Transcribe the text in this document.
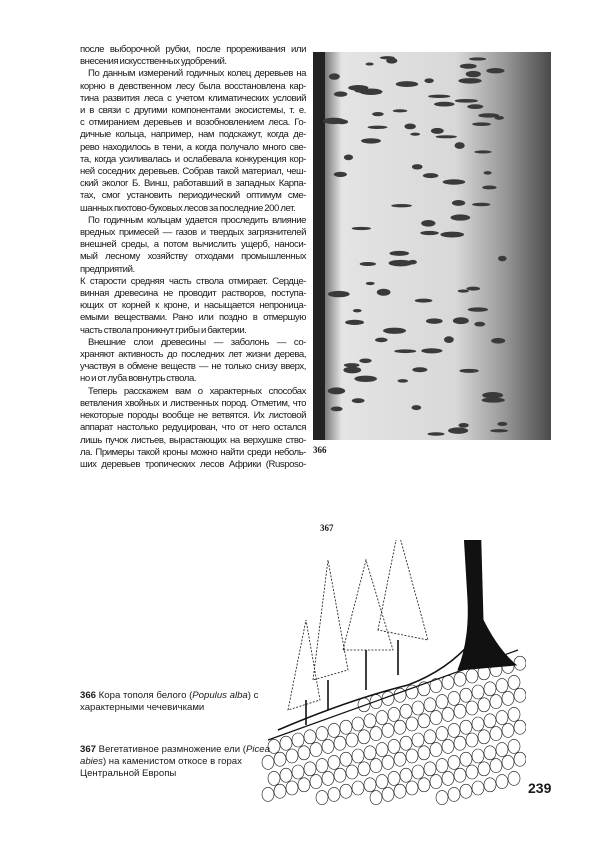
после выборочной рубки, после прореживания или
внесения искусственных удобрений.
По данным измерений годичных колец деревьев на
корню в девственном лесу была восстановлена кар-
тина развития леса с учетом климатических условий
и в связи с другими компонентами экосистемы, т. е.
с отмиранием деревьев и возобновлением леса. Го-
дичные кольца, например, нам подскажут, когда де-
рево находилось в тени, а когда получало много све-
та, когда усиливалась и ослабевала конкуренция кор-
ней соседних деревьев. Собрав такой материал, чеш-
ский эколог Б. Винш, работавший в западных Карпа-
тах, смог установить периодический оптимум сме-
шанных пихтово-буковых лесов за последние 200 лет.
По годичным кольцам удается проследить влияние
вредных примесей — газов и твердых загрязнителей
внешней среды, а потом вычислить ущерб, наноси-
мый лесному хозяйству отходами промышленных
предприятий.
К старости средняя часть ствола отмирает. Сердце-
винная древесина не проводит растворов, поступа-
ющих от корней к кроне, и насыщается непроница-
емыми веществами. Рано или поздно в отмершую
часть ствола проникнут грибы и бактерии.
Внешние слои древесины — заболонь — со-
храняют активность до последних лет жизни дерева,
участвуя в обмене веществ — не только снизу вверх,
но и от луба вовнутрь ствола.
Теперь расскажем вам о характерных способах
ветвления хвойных и лиственных пород. Отметим, что
некоторые породы вообще не ветвятся. Их листовой
аппарат настолько редуцирован, что от него остался
лишь пучок листьев, вырастающих на верхушке ство-
ла. Примеры такой кроны можно найти среди неболь-
ших деревьев тропических лесов Африки (Rusposo-
366
367
366 Кора тополя белого (Populus alba) с характерными чечевичками
367 Вегетативное размножение ели (Picea abies) на каменистом откосе в горах Центральной Европы
239
